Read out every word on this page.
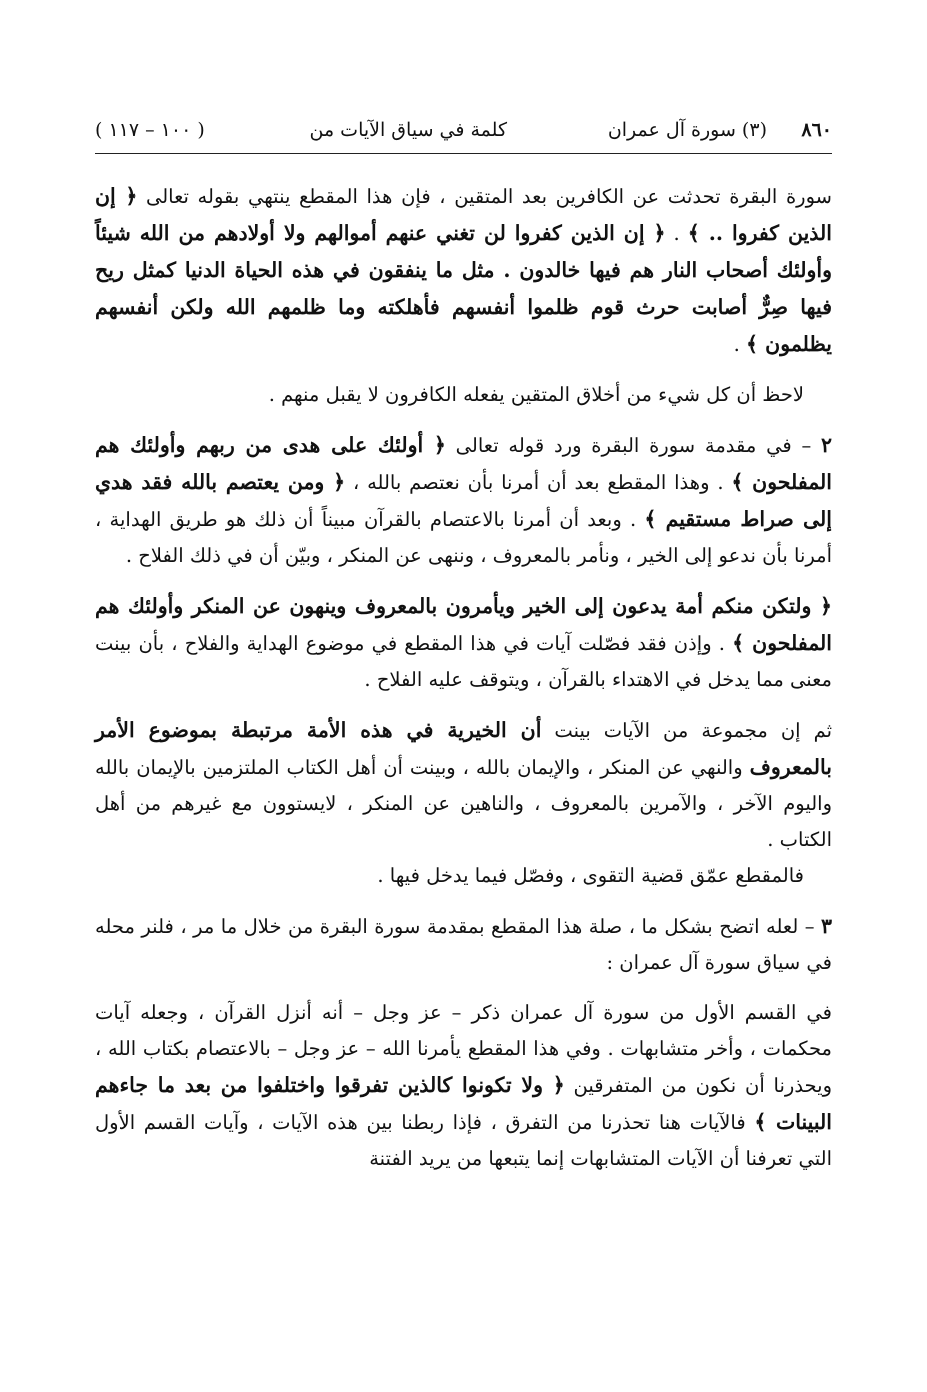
٨٦٠
(٣) سورة آل عمران
كلمة في سياق الآيات من
( ١٠٠ – ١١٧ )

سورة البقرة تحدثت عن الكافرين بعد المتقين ، فإن هذا المقطع ينتهي بقوله تعالى ﴿ إن الذين كفروا .. ﴾ . ﴿ إن الذين كفروا لن تغني عنهم أموالهم ولا أولادهم من الله شيئاً وأولئك أصحاب النار هم فيها خالدون . مثل ما ينفقون في هذه الحياة الدنيا كمثل ريح فيها صِرٌّ أصابت حرث قوم ظلموا أنفسهم فأهلكته وما ظلمهم الله ولكن أنفسهم يظلمون ﴾ .

لاحظ أن كل شيء من أخلاق المتقين يفعله الكافرون لا يقبل منهم .

٢ – في مقدمة سورة البقرة ورد قوله تعالى ﴿ أولئك على هدى من ربهم وأولئك هم المفلحون ﴾ . وهذا المقطع بعد أن أمرنا بأن نعتصم بالله ، ﴿ ومن يعتصم بالله فقد هدي إلى صراط مستقيم ﴾ . وبعد أن أمرنا بالاعتصام بالقرآن مبيناً أن ذلك هو طريق الهداية ، أمرنا بأن ندعو إلى الخير ، ونأمر بالمعروف ، وننهى عن المنكر ، وبيّن أن في ذلك الفلاح .

﴿ ولتكن منكم أمة يدعون إلى الخير ويأمرون بالمعروف وينهون عن المنكر وأولئك هم المفلحون ﴾ . وإذن فقد فصّلت آيات في هذا المقطع في موضوع الهداية والفلاح ، بأن بينت معنى مما يدخل في الاهتداء بالقرآن ، ويتوقف عليه الفلاح .

ثم إن مجموعة من الآيات بينت أن الخيرية في هذه الأمة مرتبطة بموضوع الأمر بالمعروف والنهي عن المنكر ، والإيمان بالله ، وبينت أن أهل الكتاب الملتزمين بالإيمان بالله واليوم الآخر ، والآمرين بالمعروف ، والناهين عن المنكر ، لايستوون مع غيرهم من أهل الكتاب .

فالمقطع عمّق قضية التقوى ، وفصّل فيما يدخل فيها .

٣ – لعله اتضح بشكل ما ، صلة هذا المقطع بمقدمة سورة البقرة من خلال ما مر ، فلنر محله في سياق سورة آل عمران :

في القسم الأول من سورة آل عمران ذكر – عز وجل – أنه أنزل القرآن ، وجعله آيات محكمات ، وأخر متشابهات . وفي هذا المقطع يأمرنا الله – عز وجل – بالاعتصام بكتاب الله ، ويحذرنا أن نكون من المتفرقين ﴿ ولا تكونوا كالذين تفرقوا واختلفوا من بعد ما جاءهم البينات ﴾ فالآيات هنا تحذرنا من التفرق ، فإذا ربطنا بين هذه الآيات ، وآيات القسم الأول التي تعرفنا أن الآيات المتشابهات إنما يتبعها من يريد الفتنة
